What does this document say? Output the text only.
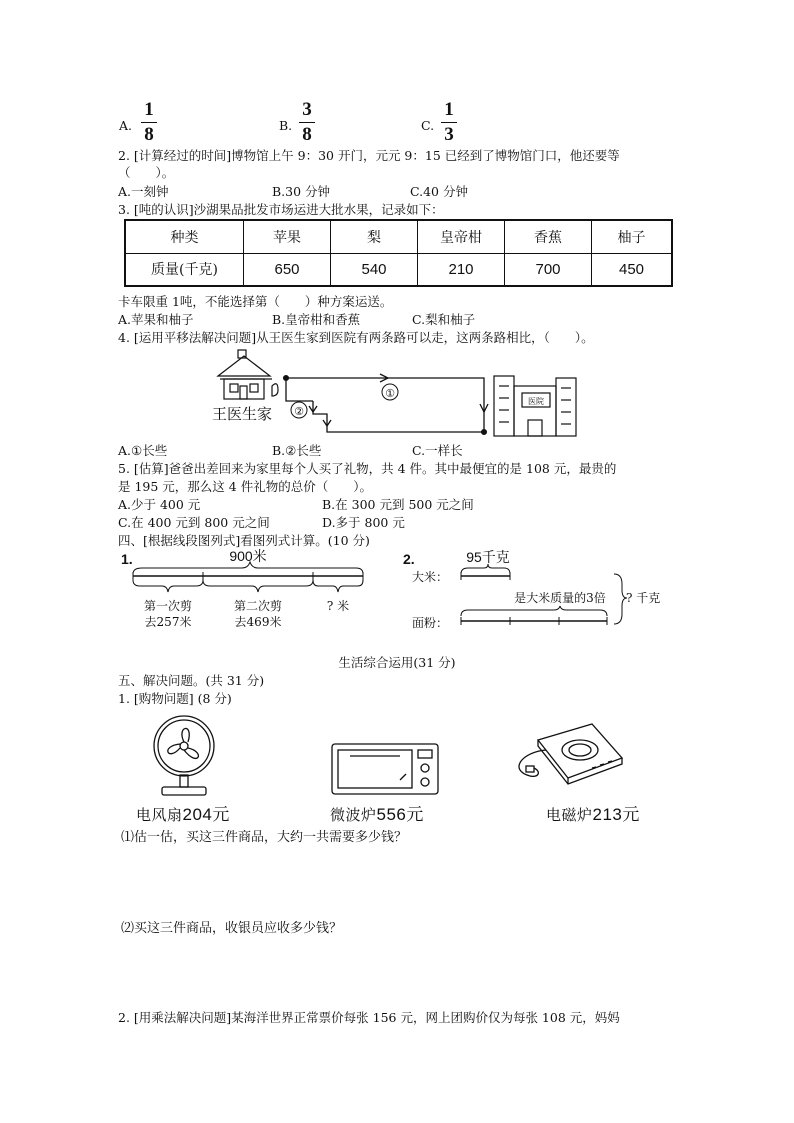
A.
1
8	B.
3
8	C.
1
3
2. [计算经过的时间]博物馆上午 9：30 开门，元元 9：15 已经到了博物馆门口，他还要等
（　　）。
A.一刻钟	B.30 分钟	C.40 分钟
3. [吨的认识]沙湖果品批发市场运进大批水果，记录如下：
种类	苹果	梨	皇帝柑	香蕉	柚子
质量(千克)	650	540	210	700	450
卡车限重 1吨，不能选择第（　　）种方案运送。
A.苹果和柚子	B.皇帝柑和香蕉	C.梨和柚子
4. [运用平移法解决问题]从王医生家到医院有两条路可以走，这两条路相比，（　　）。
王医生家
①
②
医院
A.①长些	B.②长些	C.一样长
5. [估算]爸爸出差回来为家里每个人买了礼物，共 4 件。其中最便宜的是 108 元，最贵的
是 195 元，那么这 4 件礼物的总价（　　）。
A.少于 400 元	B.在 300 元到 500 元之间
C.在 400 元到 800 元之间	D.多于 800 元
四、[根据线段图列式]看图列式计算。(10 分)
1.	900米
第一次剪
去257米
第二次剪
去469米
? 米
2.	95千克
大米：
是大米质量的3倍
面粉：
? 千克
生活综合运用(31 分)
五、解决问题。(共 31 分)
1. [购物问题] (8 分)
电风扇204元	微波炉556元	电磁炉213元
⑴估一估，买这三件商品，大约一共需要多少钱？
⑵买这三件商品，收银员应收多少钱？
2. [用乘法解决问题]某海洋世界正常票价每张 156 元，网上团购价仅为每张 108 元，妈妈
